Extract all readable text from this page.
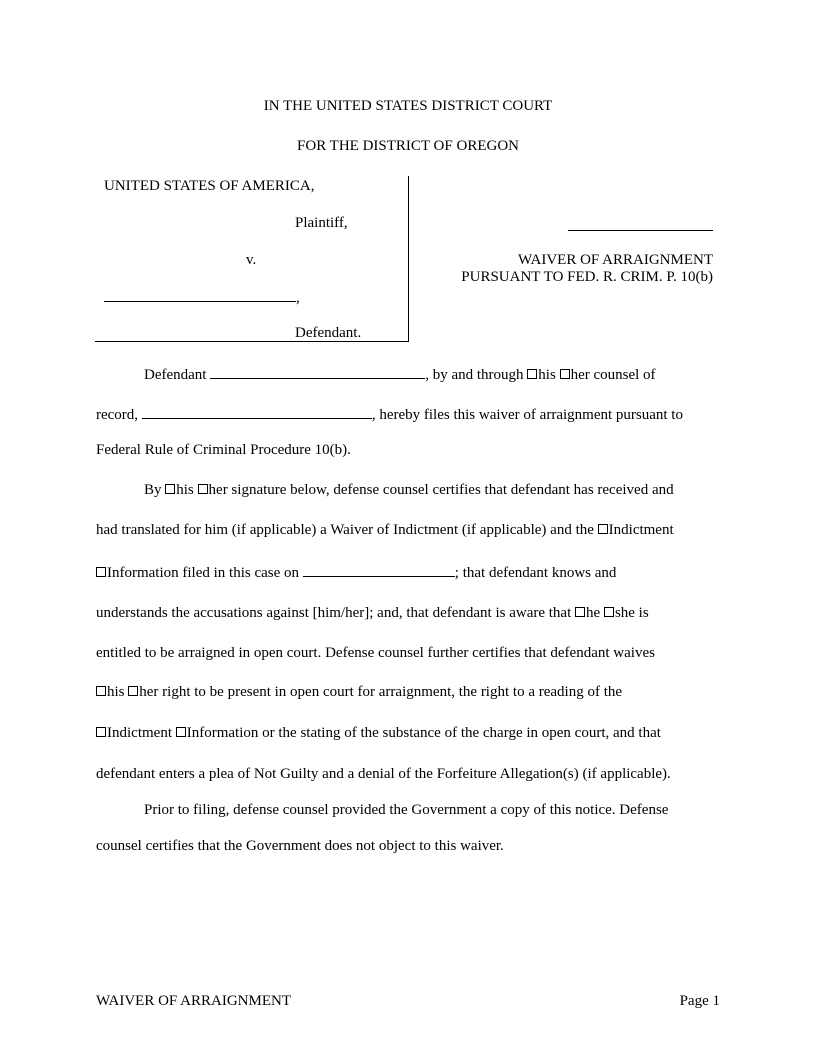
IN THE UNITED STATES DISTRICT COURT
FOR THE DISTRICT OF OREGON
UNITED STATES OF AMERICA,
Plaintiff,
v.
,
Defendant.
WAIVER OF ARRAIGNMENT
PURSUANT TO FED. R. CRIM. P. 10(b)
Defendant	, by and through his her counsel of
record,	, hereby files this waiver of arraignment pursuant to
Federal Rule of Criminal Procedure 10(b).
By his her signature below, defense counsel certifies that defendant has received and
had translated for him (if applicable) a Waiver of Indictment (if applicable) and the Indictment
Information filed in this case on	; that defendant knows and
understands the accusations against [him/her]; and, that defendant is aware that he she is
entitled to be arraigned in open court. Defense counsel further certifies that defendant waives
his her right to be present in open court for arraignment, the right to a reading of the
Indictment Information or the stating of the substance of the charge in open court, and that
defendant enters a plea of Not Guilty and a denial of the Forfeiture Allegation(s) (if applicable).
Prior to filing, defense counsel provided the Government a copy of this notice. Defense
counsel certifies that the Government does not object to this waiver.
WAIVER OF ARRAIGNMENT	Page 1
